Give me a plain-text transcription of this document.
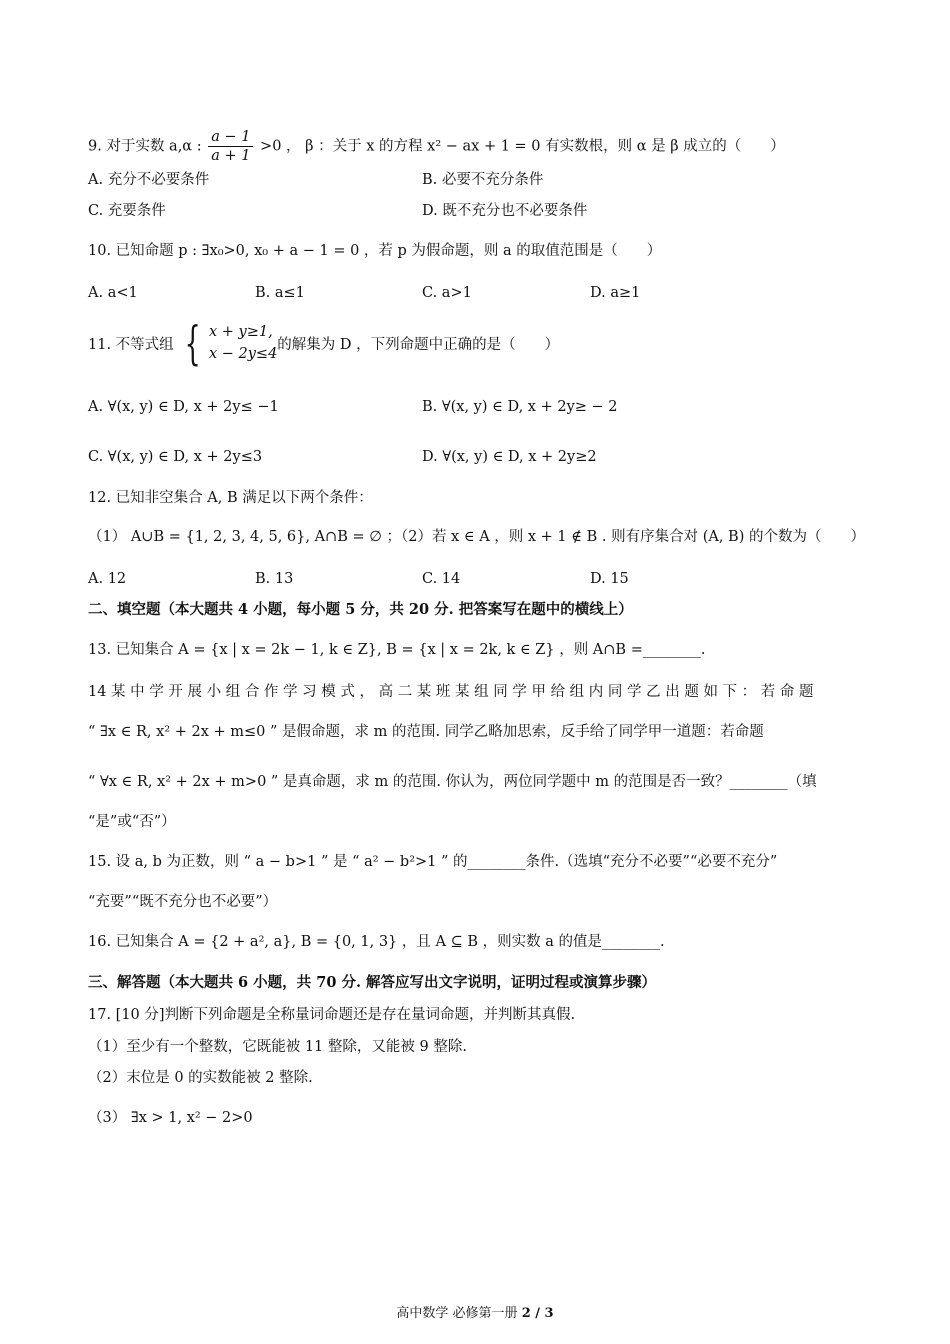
9. 对于实数 a,α : $\frac{a - 1}{a + 1} >0$ ， β ：关于 x 的方程 x² − ax + 1 = 0 有实数根，则 α 是 β 成立的（　　）
A. 充分不必要条件	B. 必要不充分条件
C. 充要条件	D. 既不充分也不必要条件
10. 已知命题 p : ∃x₀>0, x₀ + a − 1 = 0 ，若 p 为假命题，则 a 的取值范围是（　　）
A. a<1	B. a≤1	C. a>1	D. a≥1
11. 不等式组 { x + y≥1,
x − 2y≤4
的解集为 D ，下列命题中正确的是（　　）
A. ∀(x, y) ∈ D, x + 2y≤ −1	B. ∀(x, y) ∈ D, x + 2y≥ − 2
C. ∀(x, y) ∈ D, x + 2y≤3	D. ∀(x, y) ∈ D, x + 2y≥2
12. 已知非空集合 A, B 满足以下两个条件：
（1） A∪B = {1, 2, 3, 4, 5, 6}, A∩B = ∅ ；（2）若 x ∈ A ，则 x + 1 ∉ B . 则有序集合对 (A, B) 的个数为（　　）
A. 12	B. 13	C. 14	D. 15
二、填空题（本大题共 4 小题，每小题 5 分，共 20 分. 把答案写在题中的横线上）
13. 已知集合 A = {x | x = 2k − 1, k ∈ Z}, B = {x | x = 2k, k ∈ Z} ，则 A∩B =________.
14 某 中 学 开 展 小 组 合 作 学 习 模 式 ， 高 二 某 班 某 组 同 学 甲 给 组 内 同 学 乙 出 题 如 下 ： 若 命 题
“ ∃x ∈ R, x² + 2x + m≤0 ” 是假命题，求 m 的范围. 同学乙略加思索，反手给了同学甲一道题：若命题
“ ∀x ∈ R, x² + 2x + m>0 ” 是真命题，求 m 的范围. 你认为，两位同学题中 m 的范围是否一致？________（填
“是”或“否”）
15. 设 a, b 为正数，则 “ a − b>1 ” 是 “ a² − b²>1 ” 的________条件.（选填“充分不必要”“必要不充分”
“充要”“既不充分也不必要”）
16. 已知集合 A = {2 + a², a}, B = {0, 1, 3} ，且 A ⊆ B ，则实数 a 的值是________.
三、解答题（本大题共 6 小题，共 70 分. 解答应写出文字说明，证明过程或演算步骤）
17. [10 分]判断下列命题是全称量词命题还是存在量词命题，并判断其真假.
（1）至少有一个整数，它既能被 11 整除，又能被 9 整除.
（2）末位是 0 的实数能被 2 整除.
（3） ∃x > 1, x² − 2>0
高中数学 必修第一册 2 / 3
